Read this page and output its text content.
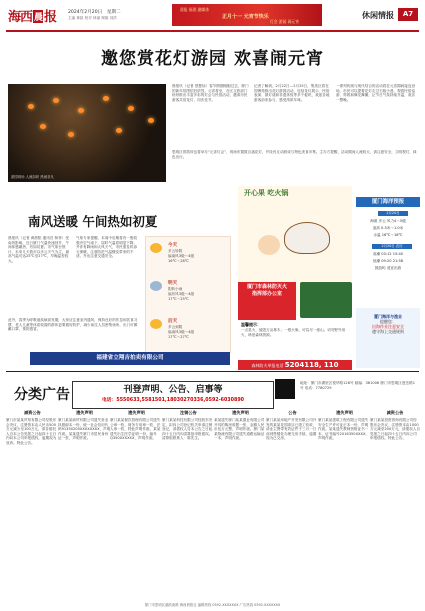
海西 晨 报	2024年2月20日　星期二
主编 林凯 校对 林丽 制版 刘洪
晨报 福建 融媒体
正月十一 元宵节快乐
灯会 游园 闹元宵
休闲情报	A7
邀您赏花灯游园 欢喜闹元宵
游园现场 人流如织 热闹非凡
晨报讯（记者 蔡慧仙）春节假期刚刚过去，厦门的新年氛围依旧浓烈。元宵将至，各区文旅部门纷纷推出丰富多彩的灯会与民俗活动，邀请市民游客共赏花灯、同庆佳节。
记者了解到，2月22日—2月25日，集美区将在园博苑推出花灯游园活动，包括花灯展示、民俗表演、猜灯谜和非遗体验等多个板块，欢迎各地游客前来参与，感受浓浓年味。
一系列传统与现代结合的活动将在元宵期间接连登场，市民可以提着花灯走过石板小巷，观看民俗巡游、剪纸和舞龙舞狮，让节日气氛持续升温，欢乐一整晚。
思明区曾厝垵也将举办“元宵灯会”，现场布置数百盏花灯，并设有互动游戏与特色美食市集。主办方提醒，活动期间人流较大，请注意安全，文明观灯，绿色出行。
南风送暖 午间热如初夏
晨报讯（记者 黄晨阳 通讯员 林菲）受南风影响，近日厦门气温快速回升，午间体感燥热，有如初夏。市气象台预计，未来几天我市以多云天气为主，最高气温可达25℃至27℃，早晚温差较大。
气象专家提醒，本周中后期将有一股较强冷空气南下，届时气温将明显下降，并伴有降雨和大风天气，市民需及时添衣保暖，注意防范气温骤变带来的不适，外出注意交通安全。
此外，春季为呼吸道疾病高发期，大家应注意室内通风，保持良好的作息和饮食习惯，老人儿童等体质较弱的群体更要做好防护，减少前往人员密集场所，出门可佩戴口罩，预防感冒。
今天
多云转阴
偏南风3级～4级
16℃～28℃
明天
阴转小雨
偏东风3级～4级
17℃～25℃
后天
多云到阴
偏南风3级～4级
17℃～27℃
福建省立翔吉拍卖有限公司
开心果 吃火锅
厦门市森林防灭火
指挥部办公室
温馨提示：
一点星火，能毁万亩林木；一根火柴，可烧尽一座山。切勿野外用火，珍爱森林资源。
森林防火举报电话 5204118, 110
厦门海洋预报
2月20日
海面 多云 风力4～5级
浪高 0.5米～1.0米
水温 16℃～18℃
2月20日 农历
高潮 03:12 15:40
低潮 09:20 21:58
鼓浪屿 适宜出游
厦门海洋与渔业
提醒您：
出海作业注意安全
遵守海上交通规则
分类广告	刊登声明、公告、启事等
电话：5550633,5581501,18030270336,0592-6030890
地址：厦门市湖里区悦华路126号 邮编：361006 厦门市思明区莲岳路1号 电话：7780729
减资公告
厦门市某某贸易有限公司经股东会决议，注册资本由人民币500万元减少至100万元，请各债权人自本公告见报之日起四十五日内向本公司申报债权，逾期视为放弃。特此公告。
遗失声明
厦门某某商贸有限公司遗失营业执照副本一份，统一社会信用代码91350200XXXXXXXX，声明作废。某某遗失厦门市居民身份证一张，声明作废。
遗失声明
厦门某某餐饮管理有限公司遗失公章一枚、财务专用章一枚、法人章一枚，特此声明作废。某某遗失出生医学证明一份，编号Q350XXXXXX，声明作废。
注销公告
厦门某某科技有限公司经股东决定，拟向公司登记机关申请注销登记，请债权人自本公告之日起四十五日内向清算组申报债权。清算组联系人：陈先生。
遗失声明
某某遗失厦门某某置业有限公司开具的购房收据一张，金额人民币伍万元整，声明作废。厦门某某物流有限公司遗失道路运输证一本，声明作废。
公告
厦门某某房地产开发有限公司开发的某某花园项目已竣工验收，请业主携带有效证件于三月一日前到售楼处办理交房手续，逾期视为已交房。
遗失声明
厦门某某建筑工程有限公司遗失安全生产许可证正本一份，声明作废。某某遗失教师资格证书一本，证书编号2016350XXXX，声明作废。
减资公告
厦门某某投资咨询有限公司经股东会决议，注册资本由1000万元减至200万元，请债权人自见报之日起四十五日内向公司申报债权。特此公告。
厦门市思明区湖滨南路 海西晨报社 编辑热线 0592-XXXXXXX 广告热线 0592-XXXXXXX
